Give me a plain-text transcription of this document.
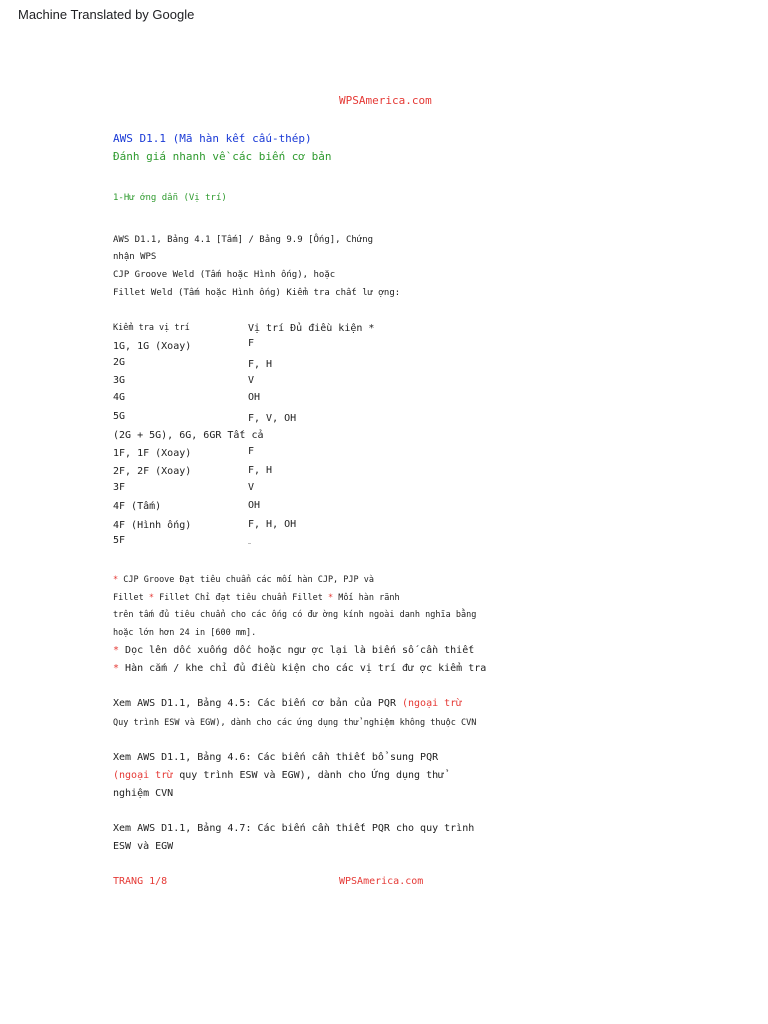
Machine Translated by Google
WPSAmerica.com
AWS D1.1 (Mã hàn kết cấu-thép)
Đánh giá nhanh về các biến cơ bản
1-Hư ớng dẫn (Vị trí)
AWS D1.1, Bảng 4.1 [Tấm] / Bảng 9.9 [Ống], Chứng
nhận WPS
CJP Groove Weld (Tấm hoặc Hình ống), hoặc
Fillet Weld (Tấm hoặc Hình ống) Kiểm tra chất lư ợng:
Kiểm tra vị trí	Vị trí Đủ điều kiện *
1G, 1G (Xoay)	F
2G	F, H
3G	V
4G	OH
5G	F, V, OH
(2G + 5G), 6G, 6GR Tất cả
1F, 1F (Xoay)	F
2F, 2F (Xoay)	F, H
3F	V
4F (Tấm)	OH
4F (Hình ống)	F, H, OH
5F	…
* CJP Groove Đạt tiêu chuẩn các mối hàn CJP, PJP và
Fillet * Fillet Chỉ đạt tiêu chuẩn Fillet * Mối hàn rãnh
trên tấm đủ tiêu chuẩn cho các ống có đư ờng kính ngoài danh nghĩa bằng
hoặc lớn hơn 24 in [600 mm].
* Dọc lên dốc xuống dốc hoặc ngư ợc lại là biến số cần thiết
* Hàn cắm / khe chỉ đủ điều kiện cho các vị trí đư ợc kiểm tra
Xem AWS D1.1, Bảng 4.5: Các biến cơ bản của PQR (ngoại trừ
Quy trình ESW và EGW), dành cho các ứng dụng thử nghiệm không thuộc CVN
Xem AWS D1.1, Bảng 4.6: Các biến cần thiết bổ sung PQR
(ngoại trừ quy trình ESW và EGW), dành cho Ứng dụng thử
nghiệm CVN
Xem AWS D1.1, Bảng 4.7: Các biến cần thiết PQR cho quy trình
ESW và EGW
TRANG 1/8	WPSAmerica.com
